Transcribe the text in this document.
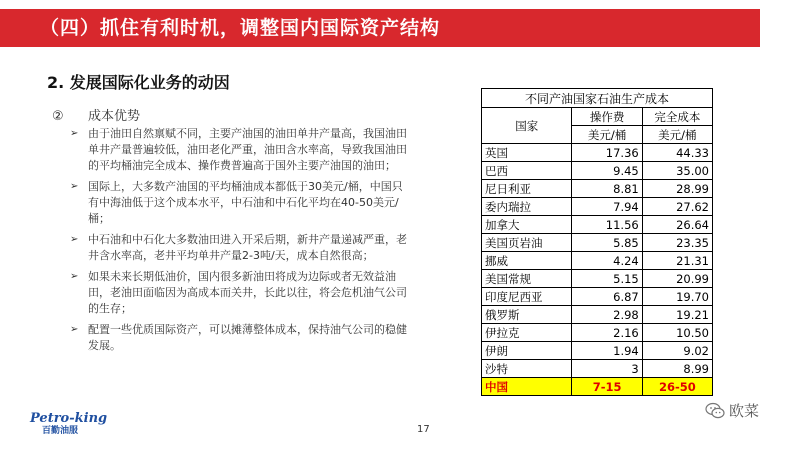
（四）抓住有利时机，调整国内国际资产结构
2. 发展国际化业务的动因
② 成本优势
➢ 由于油田自然禀赋不同，主要产油国的油田单井产量高，我国油田单井产量普遍较低，油田老化严重，油田含水率高，导致我国油田的平均桶油完全成本、操作费普遍高于国外主要产油国的油田；
➢ 国际上，大多数产油国的平均桶油成本都低于30美元/桶，中国只有中海油低于这个成本水平，中石油和中石化平均在40-50美元/桶；
➢ 中石油和中石化大多数油田进入开采后期，新井产量递减严重，老井含水率高，老井平均单井产量2-3吨/天，成本自然很高；
➢ 如果未来长期低油价，国内很多新油田将成为边际或者无效益油田，老油田面临因为高成本而关井，长此以往，将会危机油气公司的生存；
➢ 配置一些优质国际资产，可以摊薄整体成本，保持油气公司的稳健发展。
不同产油国家石油生产成本		
国家	操作费	完全成本
	美元/桶	美元/桶
英国	17.36	44.33
巴西	9.45	35.00
尼日利亚	8.81	28.99
委内瑞拉	7.94	27.62
加拿大	11.56	26.64
美国页岩油	5.85	23.35
挪威	4.24	21.31
美国常规	5.15	20.99
印度尼西亚	6.87	19.70
俄罗斯	2.98	19.21
伊拉克	2.16	10.50
伊朗	1.94	9.02
沙特	3	8.99
中国	7-15	26-50
Petro-king
百勤油服	17
欧菜
